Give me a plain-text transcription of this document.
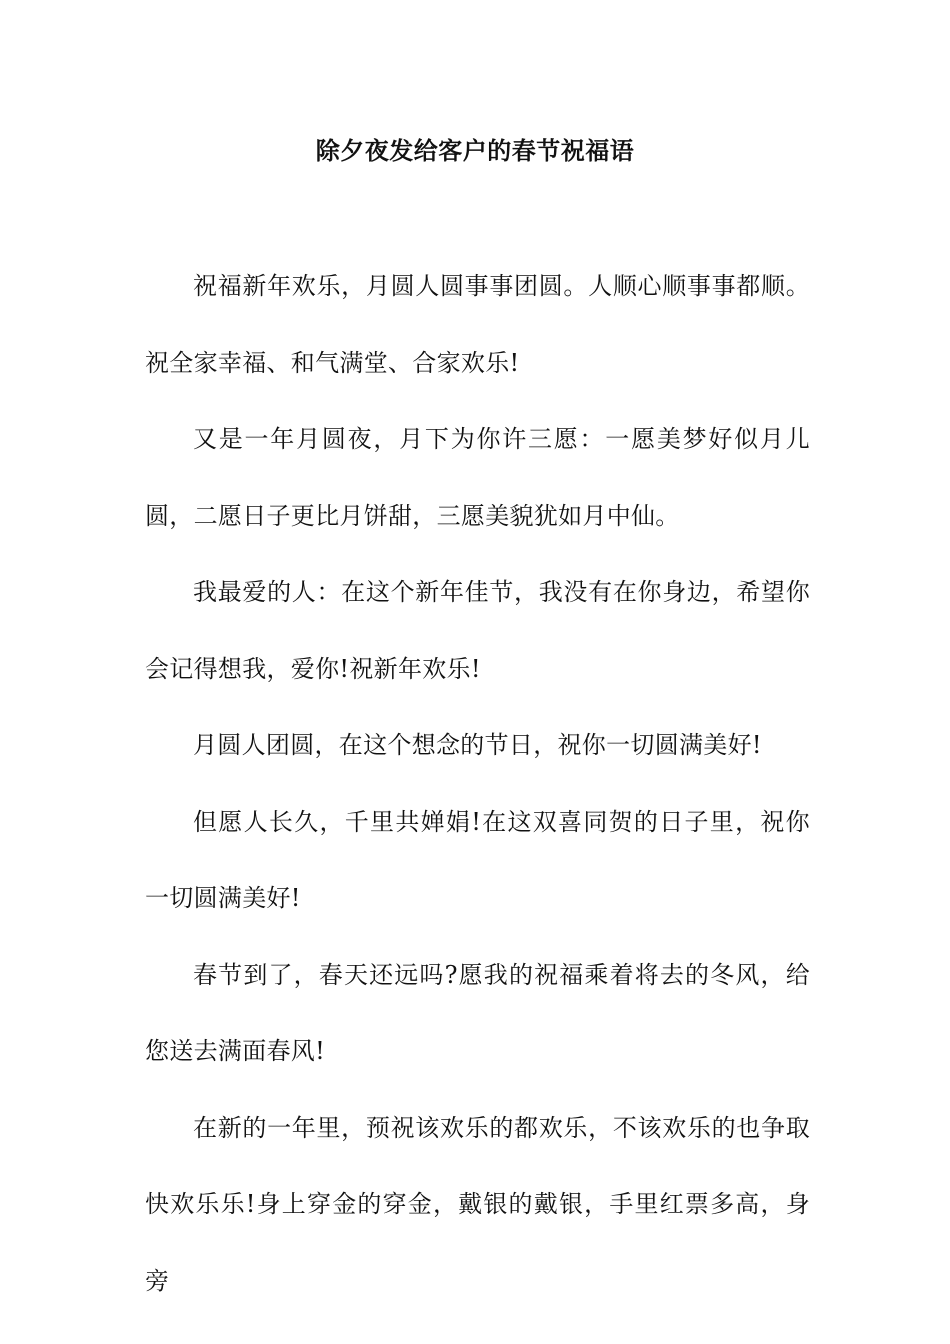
除夕夜发给客户的春节祝福语

祝福新年欢乐，月圆人圆事事团圆。人顺心顺事事都顺。祝全家幸福、和气满堂、合家欢乐!

又是一年月圆夜，月下为你许三愿：一愿美梦好似月儿圆，二愿日子更比月饼甜，三愿美貌犹如月中仙。

我最爱的人：在这个新年佳节，我没有在你身边，希望你会记得想我，爱你!祝新年欢乐!

月圆人团圆，在这个想念的节日，祝你一切圆满美好!

但愿人长久，千里共婵娟!在这双喜同贺的日子里，祝你一切圆满美好!

春节到了，春天还远吗?愿我的祝福乘着将去的冬风，给您送去满面春风!

在新的一年里，预祝该欢乐的都欢乐，不该欢乐的也争取快欢乐乐!身上穿金的穿金，戴银的戴银，手里红票多高，身旁
